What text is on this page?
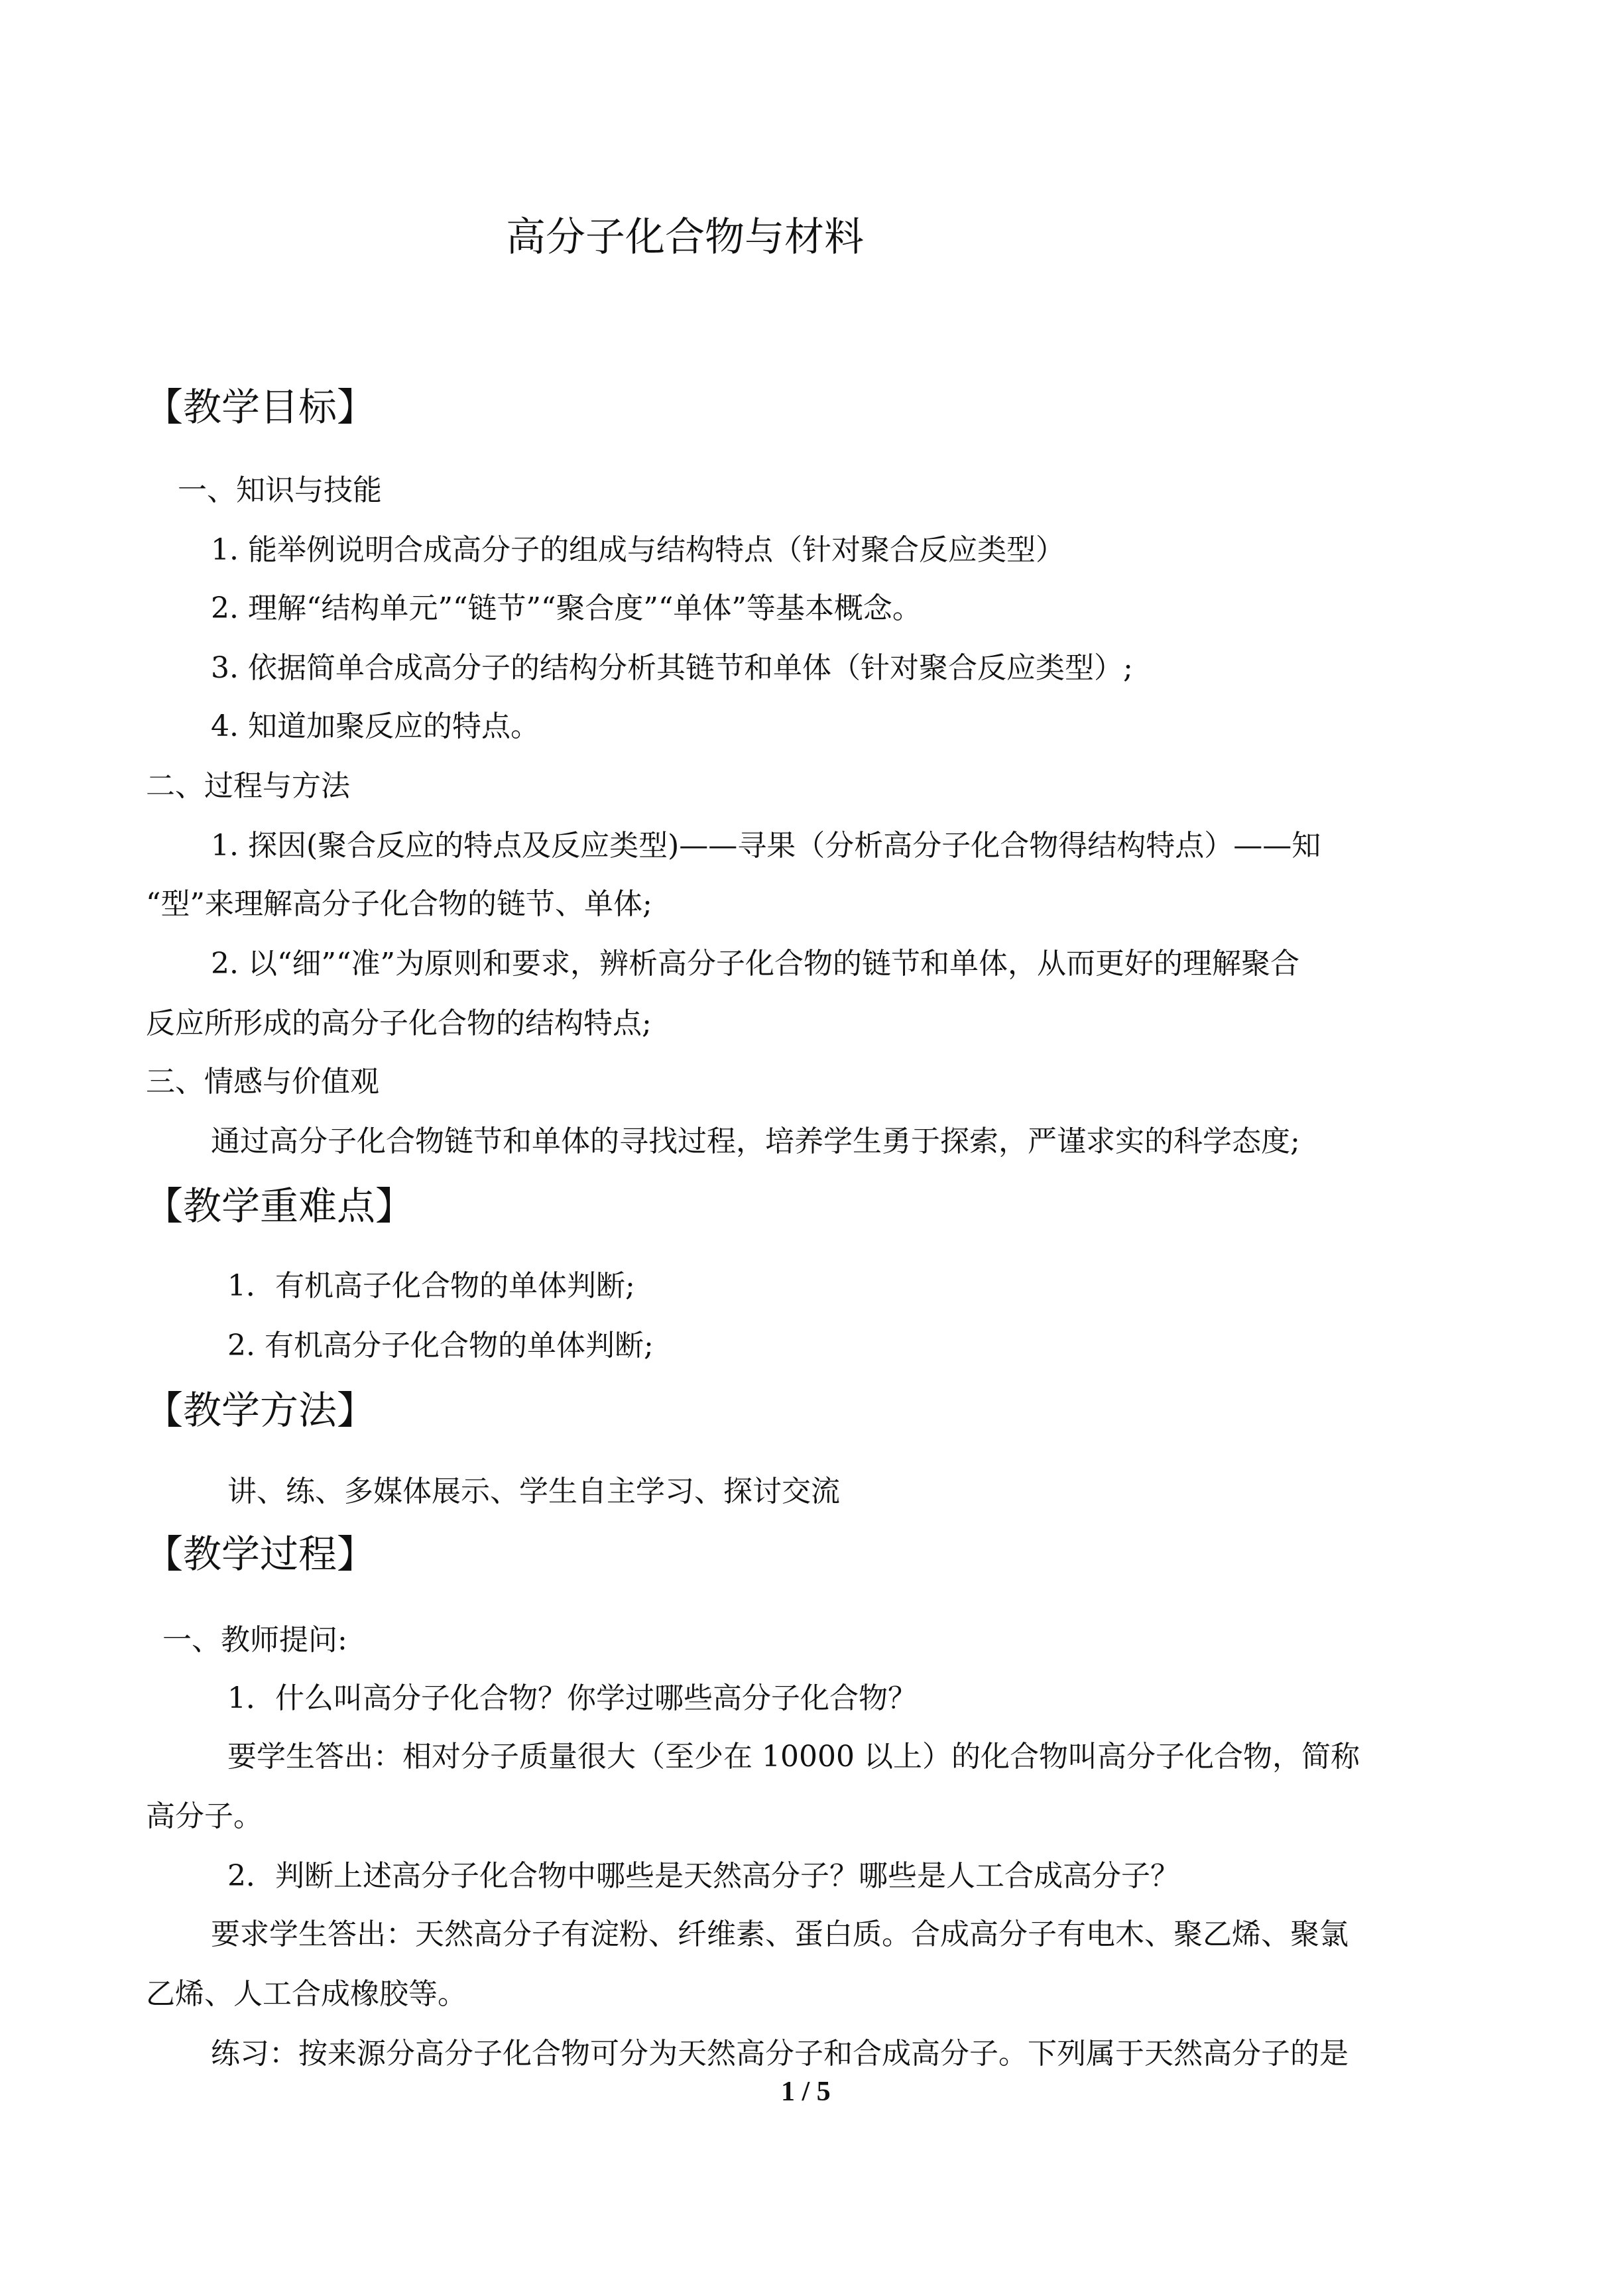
高分子化合物与材料
【教学目标】
一、知识与技能
1. 能举例说明合成高分子的组成与结构特点（针对聚合反应类型）
2. 理解“结构单元”“链节”“聚合度”“单体”等基本概念。
3. 依据简单合成高分子的结构分析其链节和单体（针对聚合反应类型）;
4. 知道加聚反应的特点。
二、过程与方法
1. 探因(聚合反应的特点及反应类型)——寻果（分析高分子化合物得结构特点）——知
“型”来理解高分子化合物的链节、单体;
2. 以“细”“准”为原则和要求，辨析高分子化合物的链节和单体，从而更好的理解聚合
反应所形成的高分子化合物的结构特点;
三、情感与价值观
通过高分子化合物链节和单体的寻找过程，培养学生勇于探索，严谨求实的科学态度;
【教学重难点】
1．有机高子化合物的单体判断;
2. 有机高分子化合物的单体判断;
【教学方法】
讲、练、多媒体展示、学生自主学习、探讨交流
【教学过程】
一、教师提问:
1．什么叫高分子化合物？你学过哪些高分子化合物？
要学生答出：相对分子质量很大（至少在 10000 以上）的化合物叫高分子化合物，简称
高分子。
2．判断上述高分子化合物中哪些是天然高分子？哪些是人工合成高分子？
要求学生答出：天然高分子有淀粉、纤维素、蛋白质。合成高分子有电木、聚乙烯、聚氯
乙烯、人工合成橡胶等。
练习：按来源分高分子化合物可分为天然高分子和合成高分子。下列属于天然高分子的是
1 / 5
